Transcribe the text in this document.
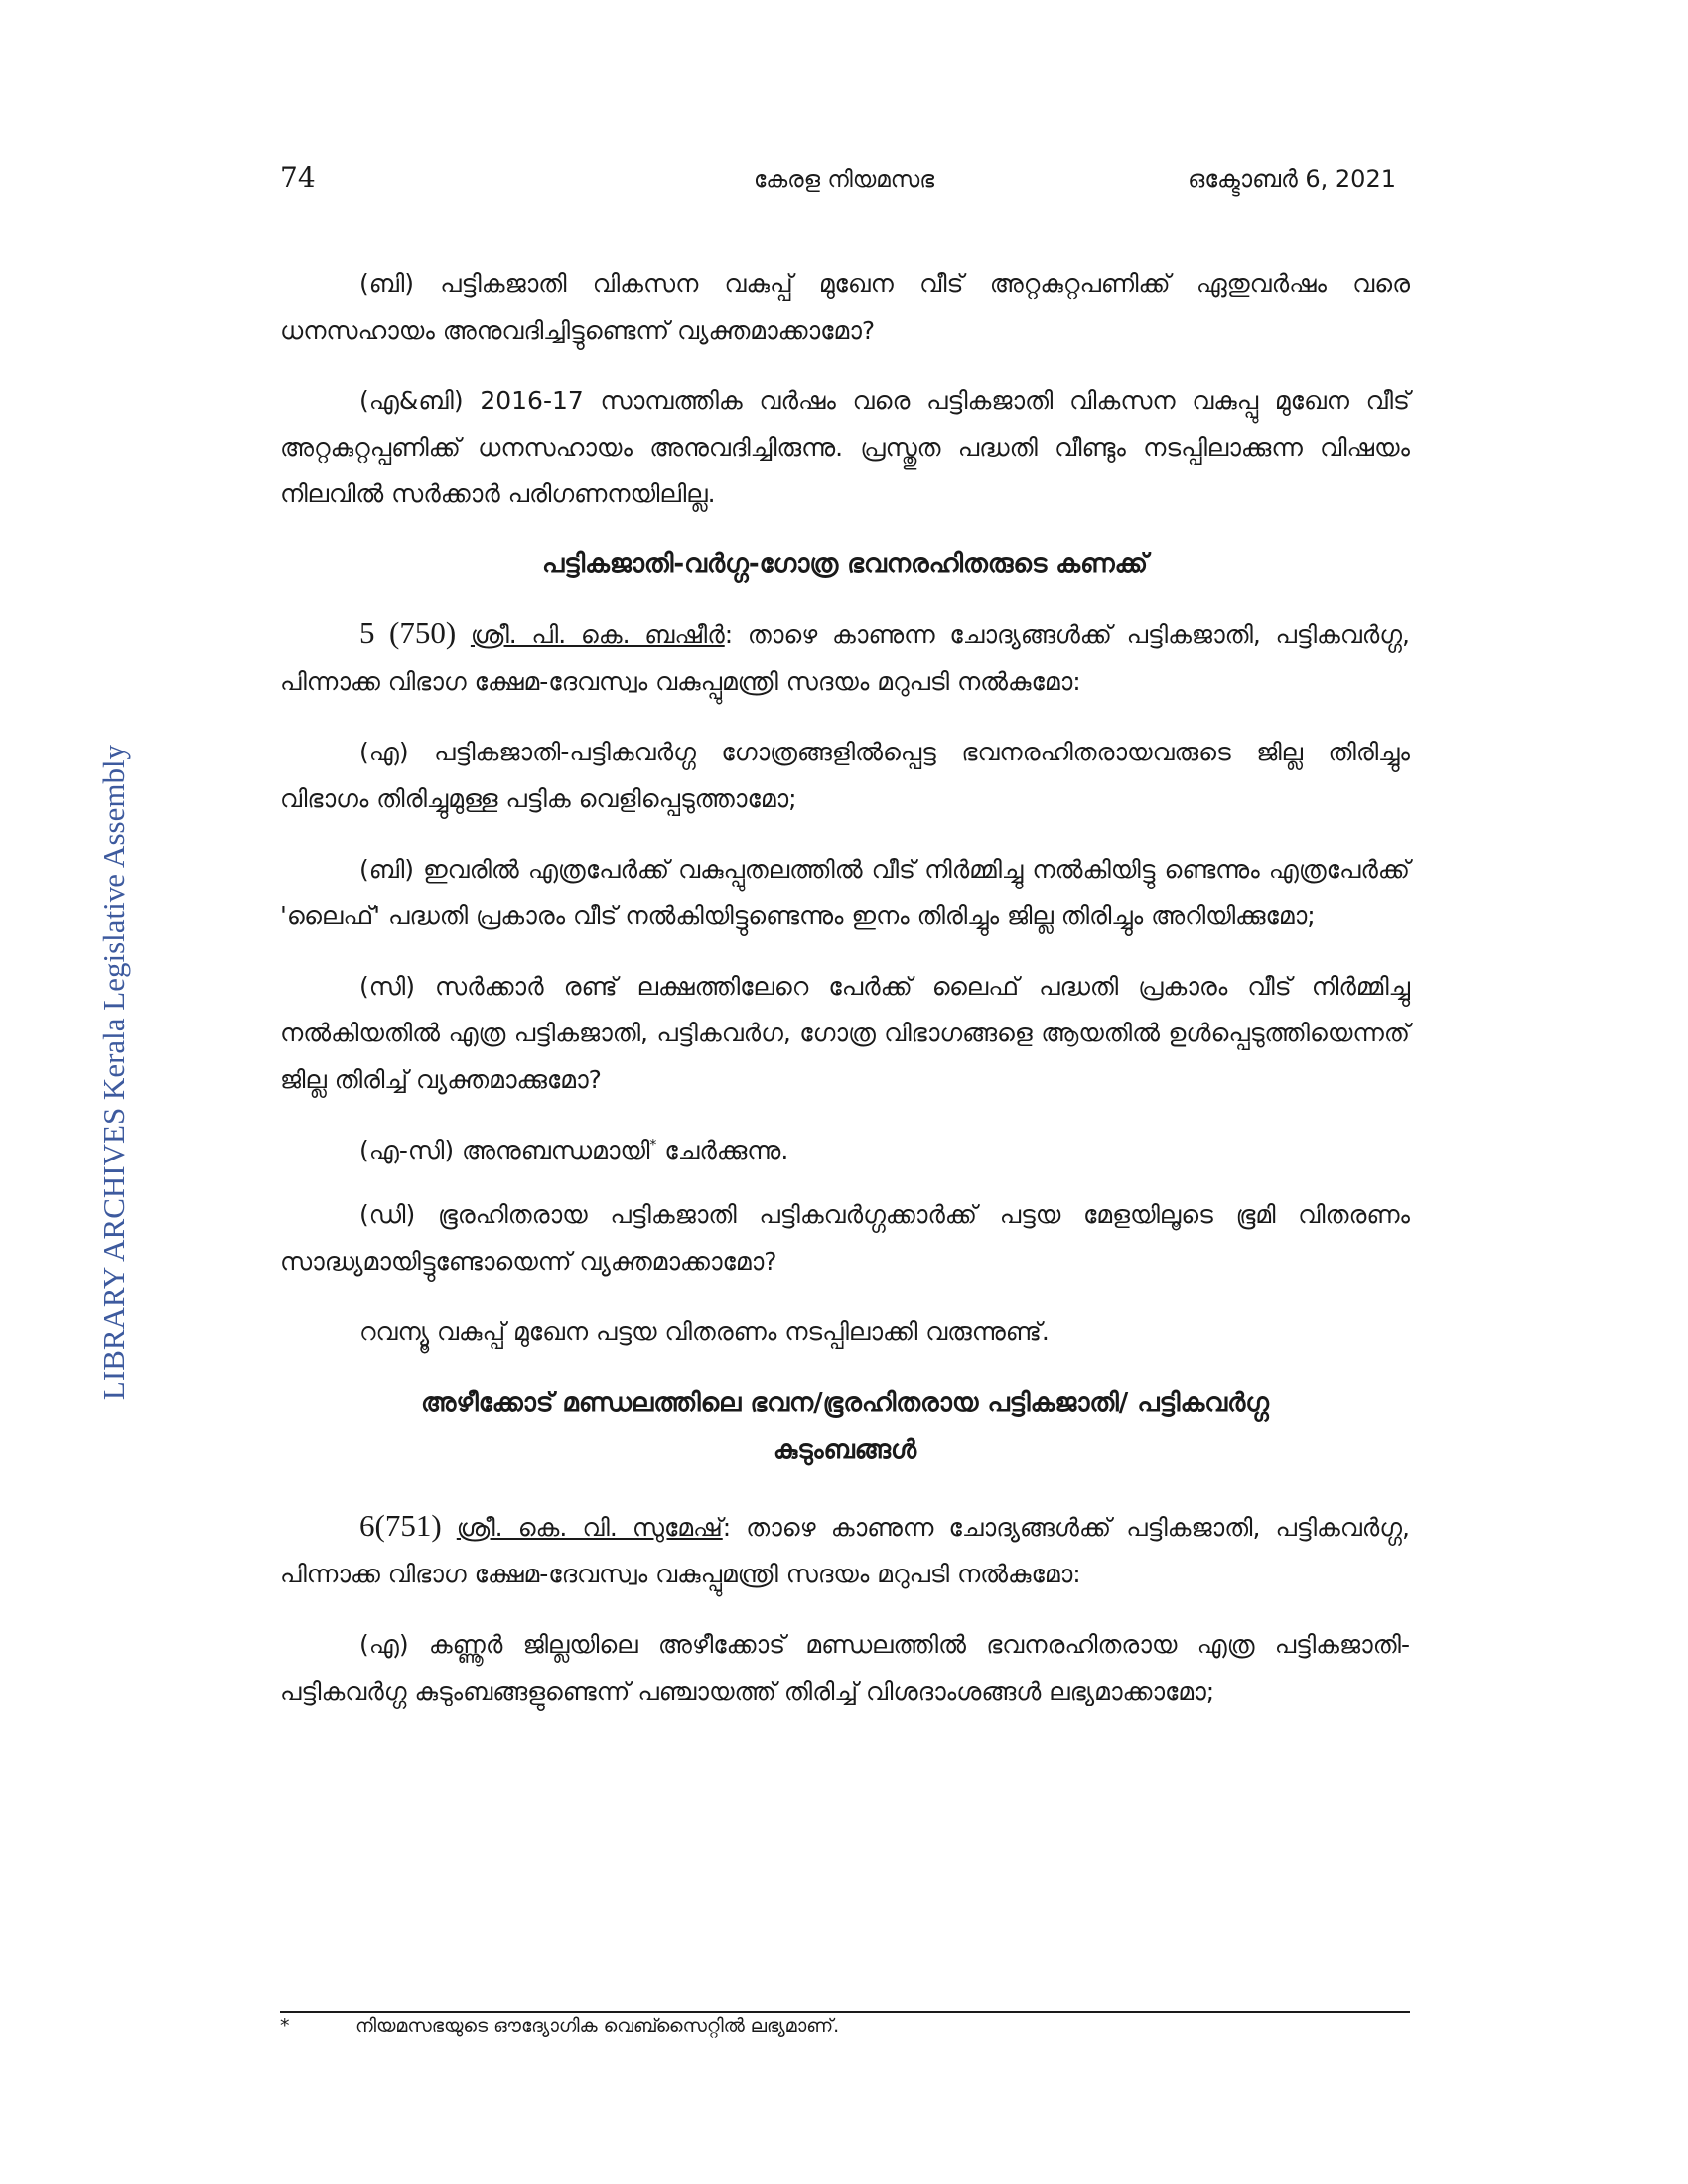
74	കേരള നിയമസഭ	ഒക്ടോബർ 6, 2021
LIBRARY ARCHIVES Kerala Legislative Assembly

(ബി) പട്ടികജാതി വികസന വകുപ്പ് മുഖേന വീട് അറ്റകുറ്റപണിക്ക് ഏതുവർഷം വരെ ധനസഹായം അനുവദിച്ചിട്ടുണ്ടെന്ന് വ്യക്തമാക്കാമോ?

(എ&ബി) 2016-17 സാമ്പത്തിക വർഷം വരെ പട്ടികജാതി വികസന വകുപ്പു മുഖേന വീട് അറ്റകുറ്റപ്പണിക്ക് ധനസഹായം അനുവദിച്ചിരുന്നു. പ്രസ്തുത പദ്ധതി വീണ്ടും നടപ്പിലാക്കുന്ന വിഷയം നിലവിൽ സർക്കാർ പരിഗണനയിലില്ല.

പട്ടികജാതി-വർഗ്ഗ-ഗോത്ര ഭവനരഹിതരുടെ കണക്ക്

5 (750) ശ്രീ. പി. കെ. ബഷീർ: താഴെ കാണുന്ന ചോദ്യങ്ങൾക്ക് പട്ടികജാതി, പട്ടികവർഗ്ഗ, പിന്നാക്ക വിഭാഗ ക്ഷേമ-ദേവസ്വം വകുപ്പുമന്ത്രി സദയം മറുപടി നൽകുമോ:

(എ) പട്ടികജാതി-പട്ടികവർഗ്ഗ ഗോത്രങ്ങളിൽപ്പെട്ട ഭവനരഹിതരായവരുടെ ജില്ല തിരിച്ചും വിഭാഗം തിരിച്ചുമുള്ള പട്ടിക വെളിപ്പെടുത്താമോ;

(ബി) ഇവരിൽ എത്രപേർക്ക് വകുപ്പുതലത്തിൽ വീട് നിർമ്മിച്ചു നൽകിയിട്ടു ണ്ടെന്നും എത്രപേർക്ക് 'ലൈഫ്' പദ്ധതി പ്രകാരം വീട് നൽകിയിട്ടുണ്ടെന്നും ഇനം തിരിച്ചും ജില്ല തിരിച്ചും അറിയിക്കുമോ;

(സി) സർക്കാർ രണ്ട് ലക്ഷത്തിലേറെ പേർക്ക് ലൈഫ് പദ്ധതി പ്രകാരം വീട് നിർമ്മിച്ചു നൽകിയതിൽ എത്ര പട്ടികജാതി, പട്ടികവർഗ, ഗോത്ര വിഭാഗങ്ങളെ ആയതിൽ ഉൾപ്പെടുത്തിയെന്നത് ജില്ല തിരിച്ച് വ്യക്തമാക്കുമോ?

(എ-സി) അനുബന്ധമായി* ചേർക്കുന്നു.

(ഡി) ഭൂരഹിതരായ പട്ടികജാതി പട്ടികവർഗ്ഗക്കാർക്ക് പട്ടയ മേളയിലൂടെ ഭൂമി വിതരണം സാദ്ധ്യമായിട്ടുണ്ടോയെന്ന് വ്യക്തമാക്കാമോ?

റവന്യൂ വകുപ്പ് മുഖേന പട്ടയ വിതരണം നടപ്പിലാക്കി വരുന്നുണ്ട്.

അഴീക്കോട് മണ്ഡലത്തിലെ ഭവന/ഭൂരഹിതരായ പട്ടികജാതി/ പട്ടികവർഗ്ഗ
കുടുംബങ്ങൾ

6(751) ശ്രീ. കെ. വി. സുമേഷ്: താഴെ കാണുന്ന ചോദ്യങ്ങൾക്ക് പട്ടികജാതി, പട്ടികവർഗ്ഗ, പിന്നാക്ക വിഭാഗ ക്ഷേമ-ദേവസ്വം വകുപ്പുമന്ത്രി സദയം മറുപടി നൽകുമോ:

(എ) കണ്ണൂർ ജില്ലയിലെ അഴീക്കോട് മണ്ഡലത്തിൽ ഭവനരഹിതരായ എത്ര പട്ടികജാതി-പട്ടികവർഗ്ഗ കുടുംബങ്ങളുണ്ടെന്ന് പഞ്ചായത്ത് തിരിച്ച് വിശദാംശങ്ങൾ ലഭ്യമാക്കാമോ;

*	നിയമസഭയുടെ ഔദ്യോഗിക വെബ്സൈറ്റിൽ ലഭ്യമാണ്.
